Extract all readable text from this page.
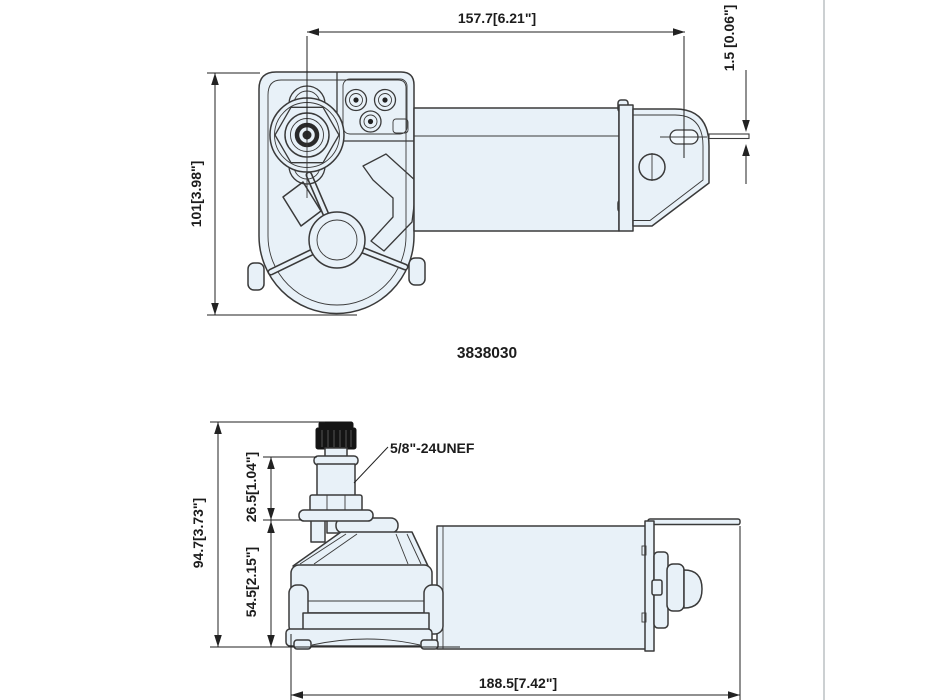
157.7[6.21"]
101[3.98"]
1.5 [0.06"]
3838030
5/8"-24UNEF
94.7[3.73"]
26.5[1.04"]
54.5[2.15"]
188.5[7.42"]
